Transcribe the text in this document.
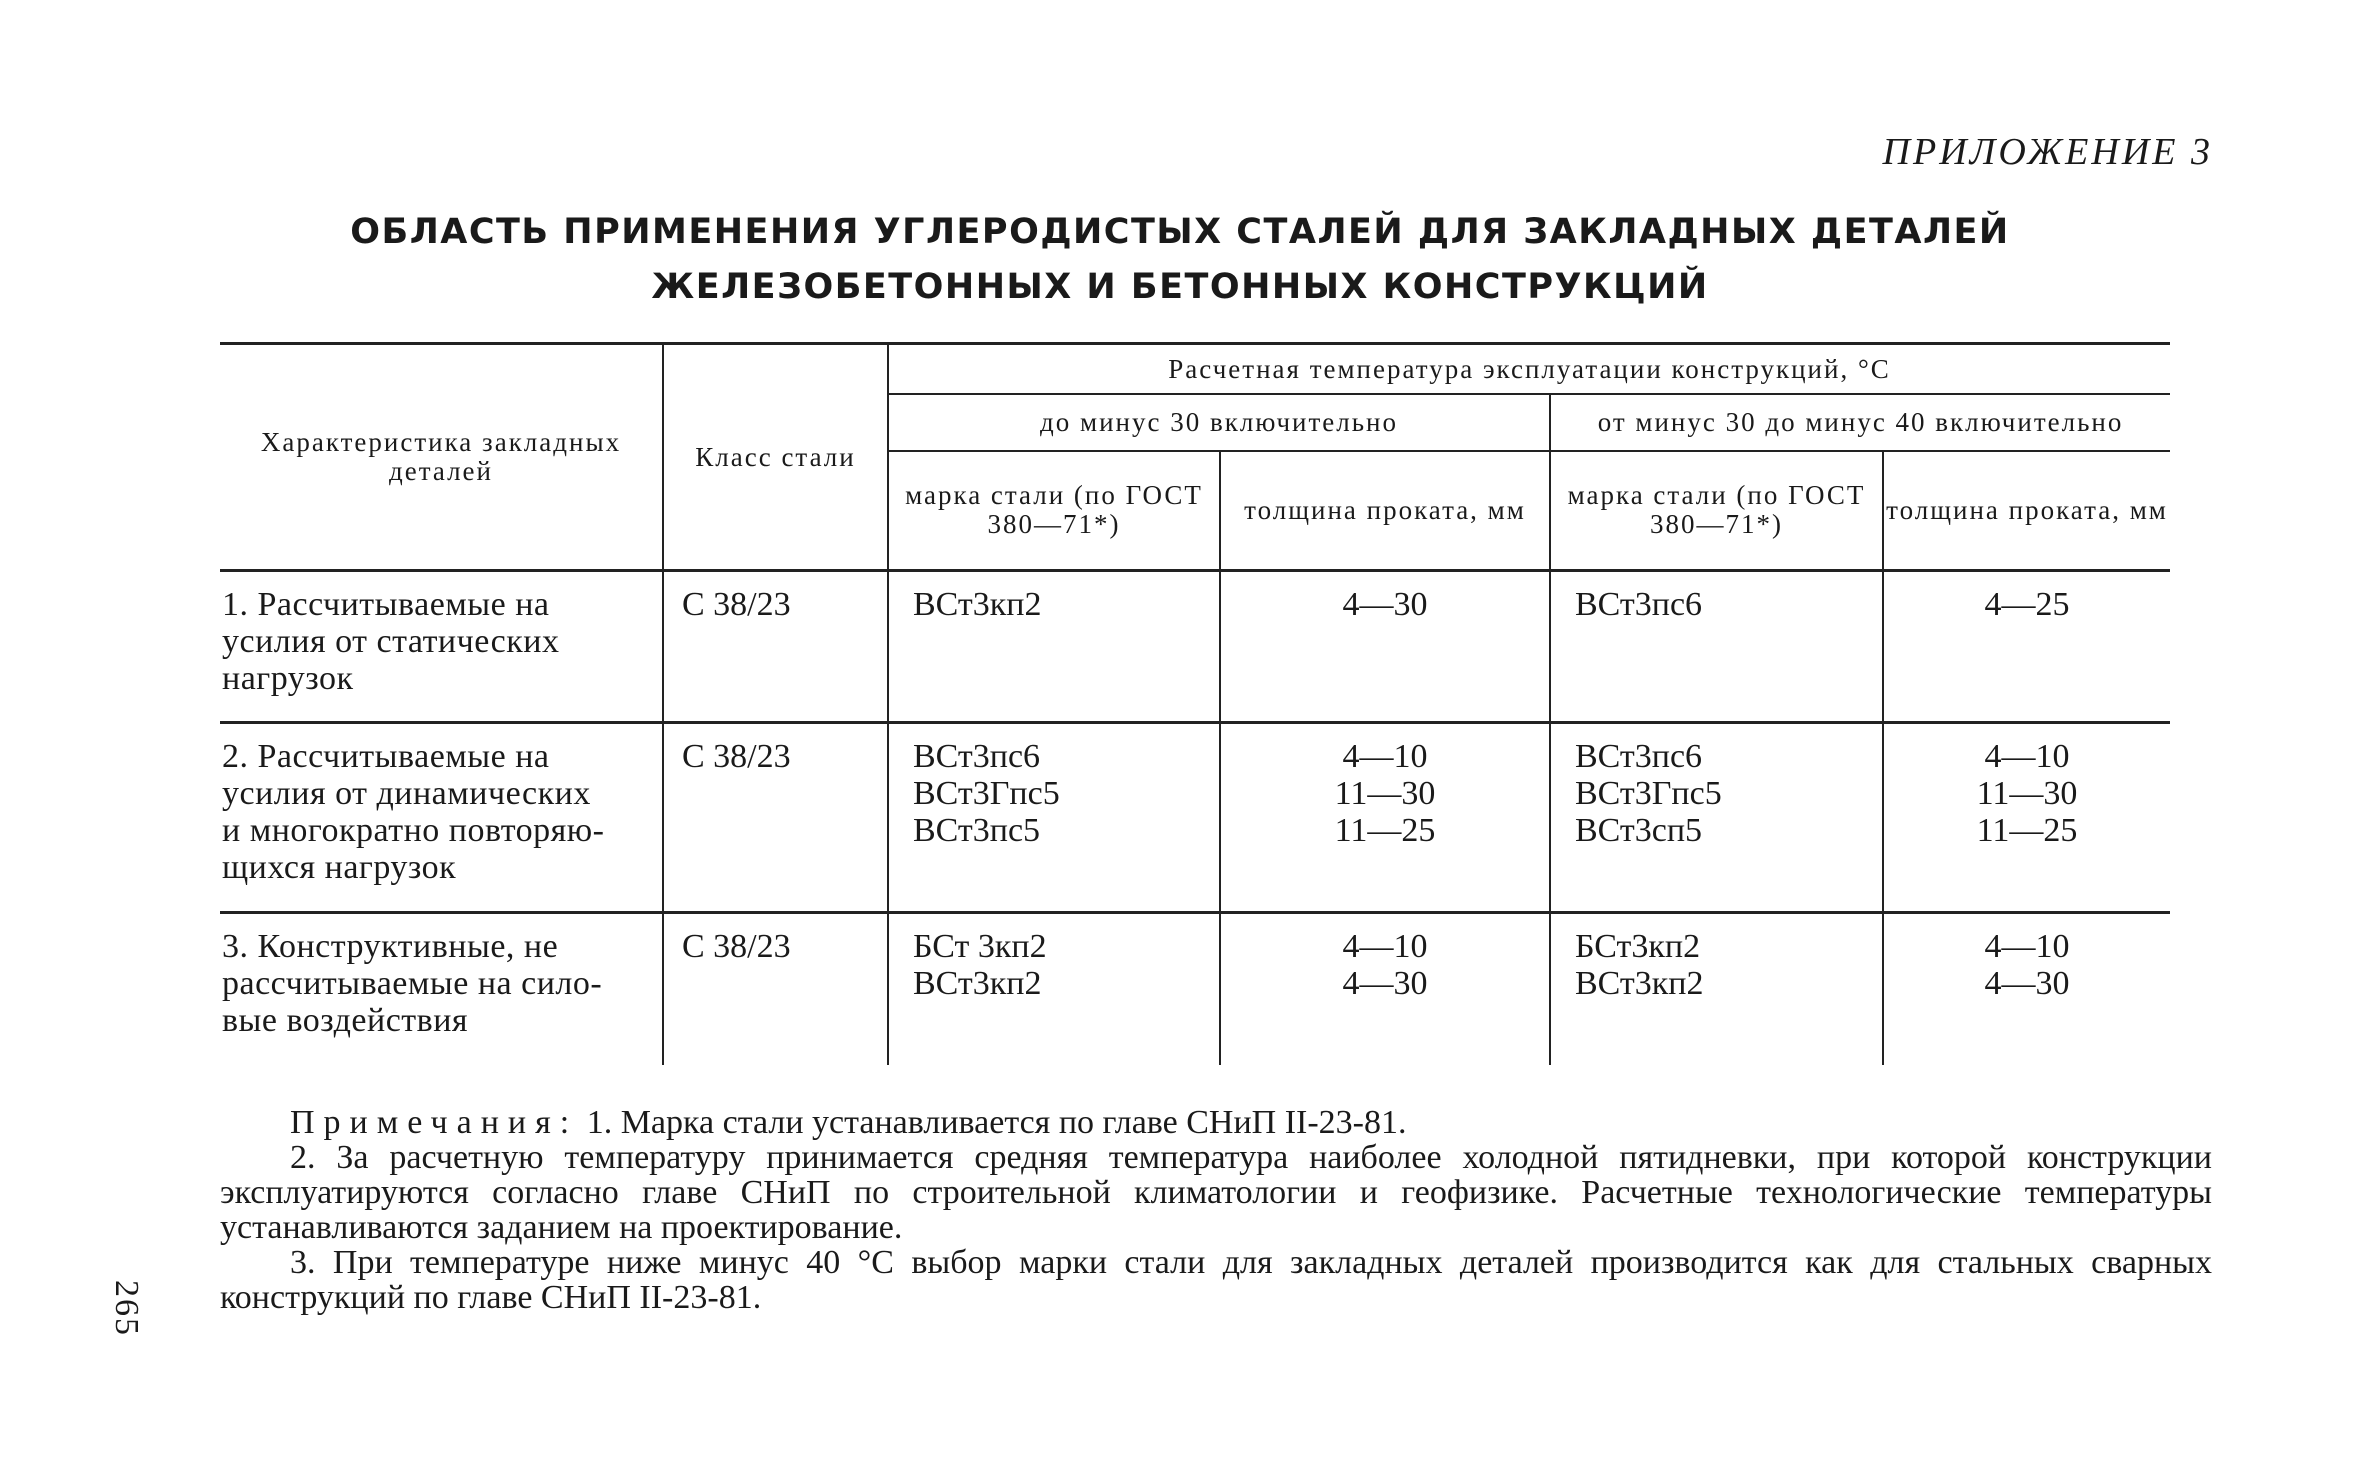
ПРИЛОЖЕНИЕ 3
ОБЛАСТЬ ПРИМЕНЕНИЯ УГЛЕРОДИСТЫХ СТАЛЕЙ ДЛЯ ЗАКЛАДНЫХ ДЕТАЛЕЙ ЖЕЛЕЗОБЕТОННЫХ И БЕТОННЫХ КОНСТРУКЦИЙ
Характеристика закладных деталей	Класс стали	Расчетная температура эксплуатации конструкций, °С			
		до минус 30 включительно		от минус 30 до минус 40 включительно	
		марка стали (по ГОСТ 380—71*)	толщина проката, мм	марка стали (по ГОСТ 380—71*)	толщина проката, мм

1. Рассчитываемые на
усилия от статических
нагрузок	С 38/23	ВСт3кп2	4—30	ВСт3пс6	4—25

2. Рассчитываемые на
усилия от динамических
и многократно повторяю-
щихся нагрузок	С 38/23	ВСт3пс6
ВСт3Гпс5
ВСт3пс5	4—10
11—30
11—25	ВСт3пс6
ВСт3Гпс5
ВСт3сп5	4—10
11—30
11—25

3. Конструктивные, не
рассчитываемые на сило-
вые воздействия	С 38/23	БСт 3кп2
ВСт3кп2	4—10
4—30	БСт3кп2
ВСт3кп2	4—10
4—30

Примечания: 1. Марка стали устанавливается по главе СНиП II-23-81.

2. За расчетную температуру принимается средняя температура наиболее холодной пятидневки, при которой конструкции эксплуатируются согласно главе СНиП по строительной климатологии и геофизике. Расчетные технологические температуры устанавливаются заданием на проектирование.

3. При температуре ниже минус 40 °С выбор марки стали для закладных деталей производится как для стальных сварных конструкций по главе СНиП II-23-81.

265
